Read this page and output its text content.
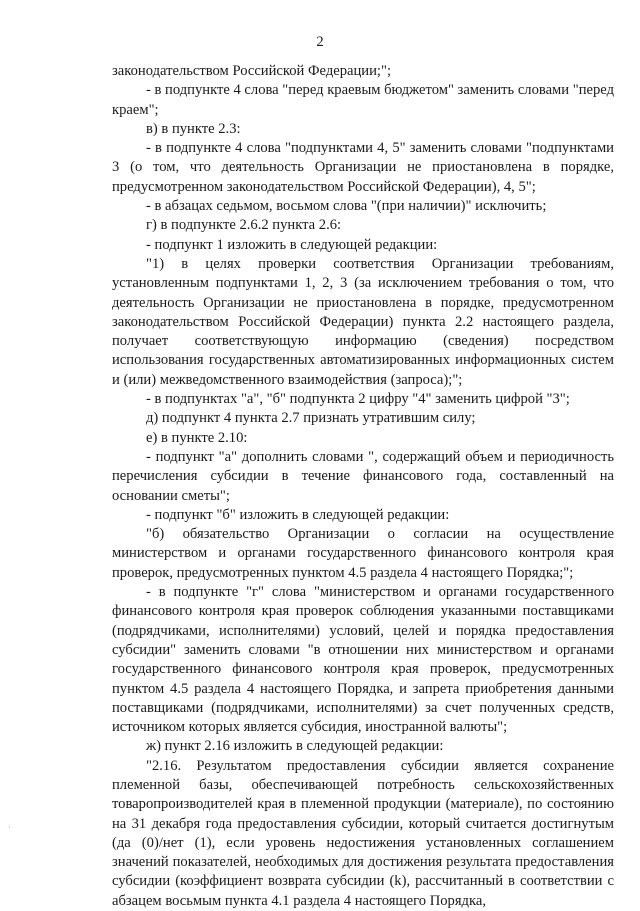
2

законодательством Российской Федерации;";

- в подпункте 4 слова "перед краевым бюджетом" заменить словами "перед краем";

в) в пункте 2.3:

- в подпункте 4 слова "подпунктами 4, 5" заменить словами "подпунктами 3 (о том, что деятельность Организации не приостановлена в порядке, предусмотренном законодательством Российской Федерации), 4, 5";

- в абзацах седьмом, восьмом слова "(при наличии)" исключить;

г) в подпункте 2.6.2 пункта 2.6:

- подпункт 1 изложить в следующей редакции:

"1) в целях проверки соответствия Организации требованиям, установленным подпунктами 1, 2, 3 (за исключением требования о том, что деятельность Организации не приостановлена в порядке, предусмотренном законодательством Российской Федерации) пункта 2.2 настоящего раздела, получает соответствующую информацию (сведения) посредством использования государственных автоматизированных информационных систем и (или) межведомственного взаимодействия (запроса);";

- в подпунктах "а", "б" подпункта 2 цифру "4" заменить цифрой "3";

д) подпункт 4 пункта 2.7 признать утратившим силу;

е) в пункте 2.10:

- подпункт "а" дополнить словами ", содержащий объем и периодичность перечисления субсидии в течение финансового года, составленный на основании сметы";

- подпункт "б" изложить в следующей редакции:

"б) обязательство Организации о согласии на осуществление министерством и органами государственного финансового контроля края проверок, предусмотренных пунктом 4.5 раздела 4 настоящего Порядка;";

- в подпункте "г" слова "министерством и органами государственного финансового контроля края проверок соблюдения указанными поставщиками (подрядчиками, исполнителями) условий, целей и порядка предоставления субсидии" заменить словами "в отношении них министерством и органами государственного финансового контроля края проверок, предусмотренных пунктом 4.5 раздела 4 настоящего Порядка, и запрета приобретения данными поставщиками (подрядчиками, исполнителями) за счет полученных средств, источником которых является субсидия, иностранной валюты";

ж) пункт 2.16 изложить в следующей редакции:

"2.16. Результатом предоставления субсидии является сохранение племенной базы, обеспечивающей потребность сельскохозяйственных товаропроизводителей края в племенной продукции (материале), по состоянию на 31 декабря года предоставления субсидии, который считается достигнутым (да (0)/нет (1), если уровень недостижения установленных соглашением значений показателей, необходимых для достижения результата предоставления субсидии (коэффициент возврата субсидии (k), рассчитанный в соответствии с абзацем восьмым пункта 4.1 раздела 4 настоящего Порядка,

·
